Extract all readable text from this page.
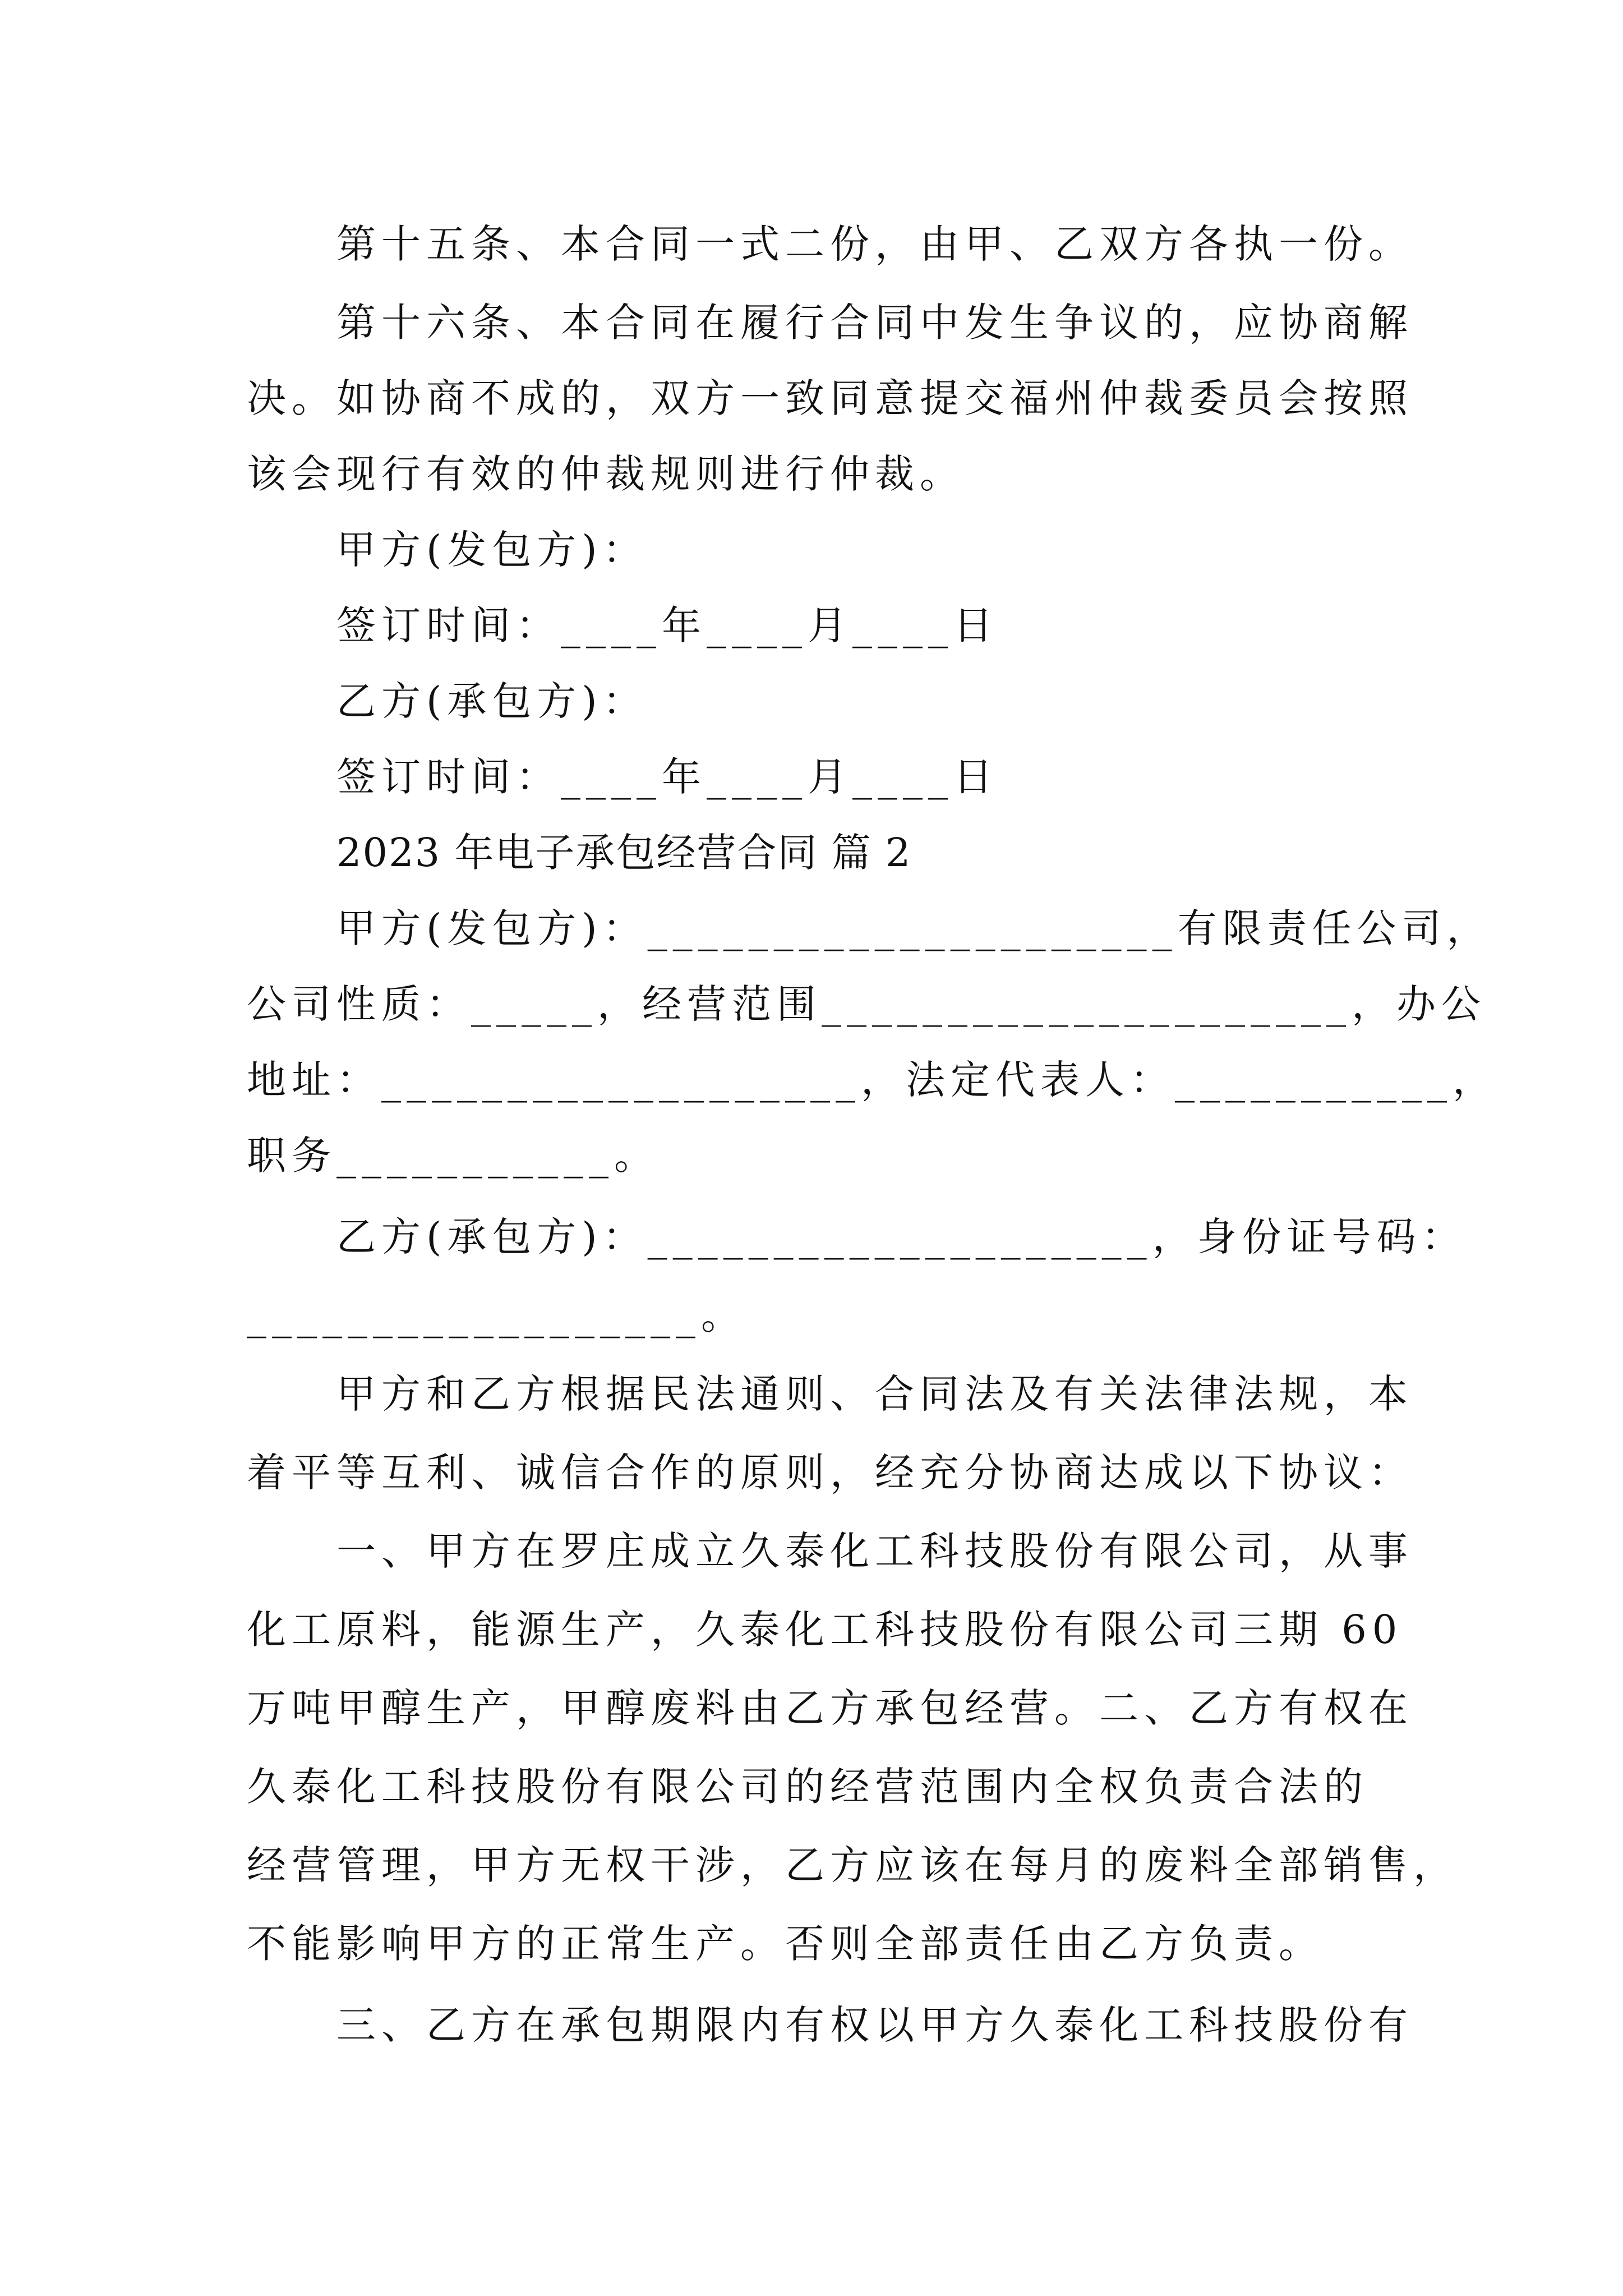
第十五条、本合同一式二份，由甲、乙双方各执一份。
第十六条、本合同在履行合同中发生争议的，应协商解
决。如协商不成的，双方一致同意提交福州仲裁委员会按照
该会现行有效的仲裁规则进行仲裁。
甲方(发包方)：
签订时间：____年____月____日
乙方(承包方)：
签订时间：____年____月____日
2023 年电子承包经营合同 篇 2
甲方(发包方)：_____________________有限责任公司，
公司性质：_____，经营范围_____________________，办公
地址：___________________，法定代表人：___________，
职务___________。
乙方(承包方)：____________________，身份证号码：
__________________。
甲方和乙方根据民法通则、合同法及有关法律法规，本
着平等互利、诚信合作的原则，经充分协商达成以下协议：
一、甲方在罗庄成立久泰化工科技股份有限公司，从事
化工原料，能源生产，久泰化工科技股份有限公司三期 60
万吨甲醇生产，甲醇废料由乙方承包经营。二、乙方有权在
久泰化工科技股份有限公司的经营范围内全权负责合法的
经营管理，甲方无权干涉，乙方应该在每月的废料全部销售，
不能影响甲方的正常生产。否则全部责任由乙方负责。
三、乙方在承包期限内有权以甲方久泰化工科技股份有
